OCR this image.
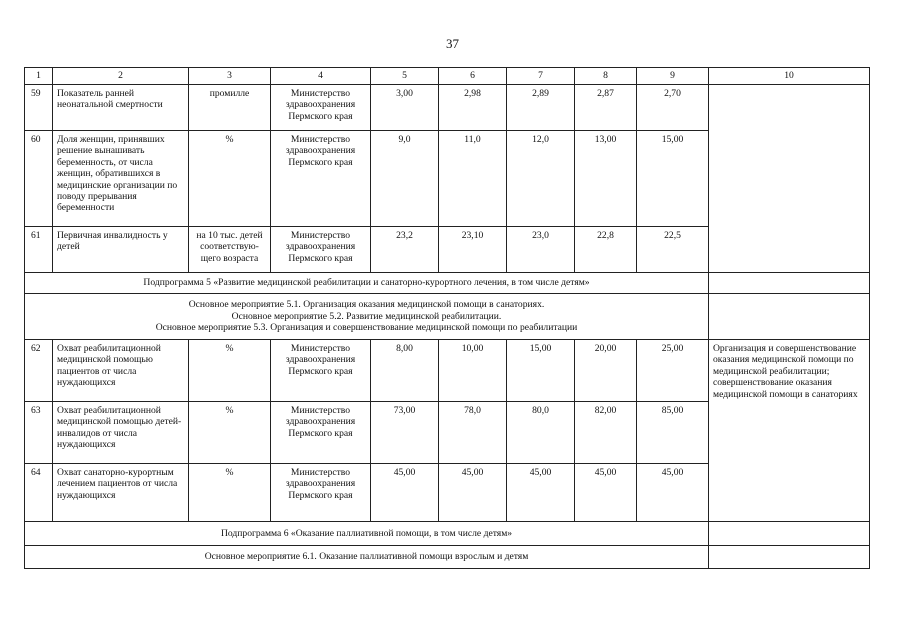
37
1	2	3	4	5	6	7	8	9	10
59	Показатель ранней неонатальной смертности	промилле	Министерство здравоохранения Пермского края	3,00	2,98	2,89	2,87	2,70	
60	Доля женщин, принявших решение вынашивать беременность, от числа женщин, обратившихся в медицинские организации по поводу прерывания беременности	%	Министерство здравоохранения Пермского края	9,0	11,0	12,0	13,00	15,00	
61	Первичная инвалидность у детей	на 10 тыс. детей соответствую-щего возраста	Министерство здравоохранения Пермского края	23,2	23,10	23,0	22,8	22,5	
Подпрограмма 5 «Развитие медицинской реабилитации и санаторно-курортного лечения, в том числе детям»									

Основное мероприятие 5.1. Организация оказания медицинской помощи в санаториях.
Основное мероприятие 5.2. Развитие медицинской реабилитации.
Основное мероприятие 5.3. Организация и совершенствование медицинской помощи по реабилитации									

62	Охват реабилитационной медицинской помощью пациентов от числа нуждающихся	%	Министерство здравоохранения Пермского края	8,00	10,00	15,00	20,00	25,00	Организация и совершенствование оказания медицинской помощи по медицинской реабилитации; совершенствование оказания медицинской помощи в санаториях
63	Охват реабилитационной медицинской помощью детей-инвалидов от числа нуждающихся	%	Министерство здравоохранения Пермского края	73,00	78,0	80,0	82,00	85,00	
64	Охват санаторно-курортным лечением пациентов от числа нуждающихся	%	Министерство здравоохранения Пермского края	45,00	45,00	45,00	45,00	45,00	
Подпрограмма 6 «Оказание паллиативной помощи, в том числе детям»									
Основное мероприятие 6.1. Оказание паллиативной помощи взрослым и детям									
